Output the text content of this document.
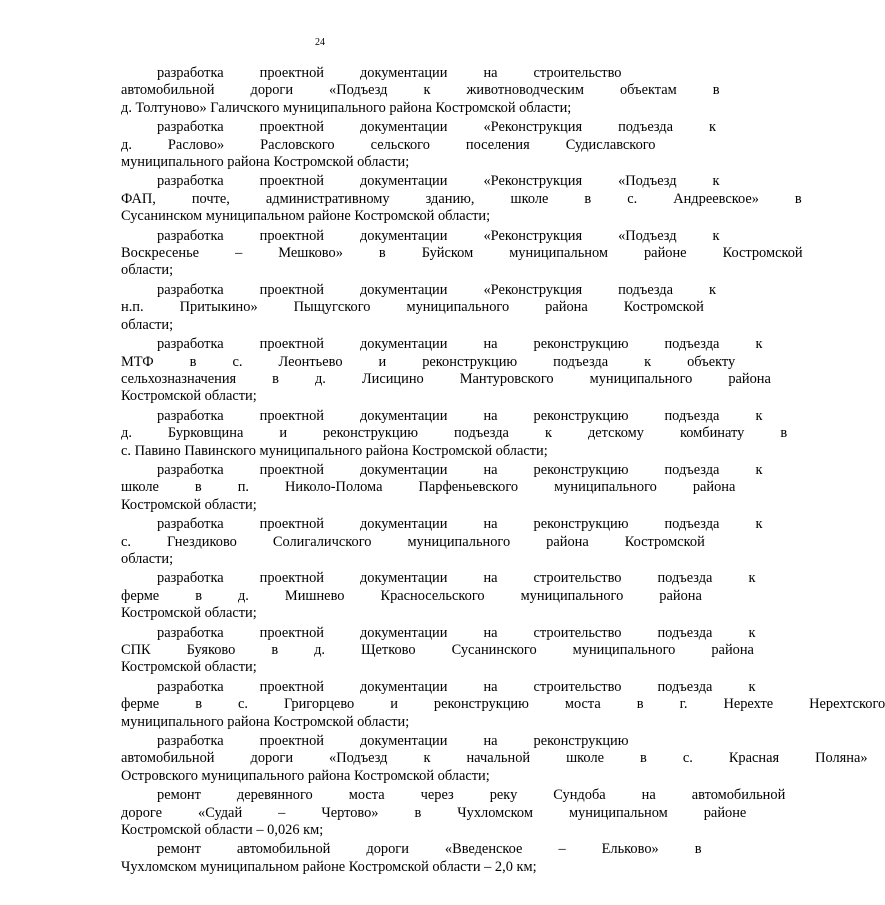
24
разработка	проектной	документации	на	строительство
автомобильной	дороги	«Подъезд	к	животноводческим	объектам	в
д. Толтуново» Галичского муниципального района Костромской области;
разработка	проектной	документации	«Реконструкция	подъезда	к
д.	Раслово»	Расловского	сельского	поселения	Судиславского
муниципального района Костромской области;
разработка	проектной	документации	«Реконструкция	«Подъезд	к
ФАП,	почте,	административному	зданию,	школе	в	с.	Андреевское»	в
Сусанинском муниципальном районе Костромской области;
разработка	проектной	документации	«Реконструкция	«Подъезд	к
Воскресенье	–	Мешково»	в	Буйском	муниципальном	районе	Костромской
области;
разработка	проектной	документации	«Реконструкция	подъезда	к
н.п.	Притыкино»	Пыщугского	муниципального	района	Костромской
области;
разработка	проектной	документации	на	реконструкцию	подъезда	к
МТФ	в	с.	Леонтьево	и	реконструкцию	подъезда	к	объекту
сельхозназначения	в	д.	Лисицино	Мантуровского	муниципального	района
Костромской области;
разработка	проектной	документации	на	реконструкцию	подъезда	к
д.	Бурковщина	и	реконструкцию	подъезда	к	детскому	комбинату	в
с. Павино Павинского муниципального района Костромской области;
разработка	проектной	документации	на	реконструкцию	подъезда	к
школе	в	п.	Николо-Полома	Парфеньевского	муниципального	района
Костромской области;
разработка	проектной	документации	на	реконструкцию	подъезда	к
с.	Гнездиково	Солигаличского	муниципального	района	Костромской
области;
разработка	проектной	документации	на	строительство	подъезда	к
ферме	в	д.	Мишнево	Красносельского	муниципального	района
Костромской области;
разработка	проектной	документации	на	строительство	подъезда	к
СПК	Буяково	в	д.	Щетково	Сусанинского	муниципального	района
Костромской области;
разработка	проектной	документации	на	строительство	подъезда	к
ферме	в	с.	Григорцево	и	реконструкцию	моста	в	г.	Нерехте	Нерехтского
муниципального района Костромской области;
разработка	проектной	документации	на	реконструкцию
автомобильной	дороги	«Подъезд	к	начальной	школе	в	с.	Красная	Поляна»
Островского муниципального района Костромской области;
ремонт	деревянного	моста	через	реку	Сундоба	на	автомобильной
дороге	«Судай	–	Чертово»	в	Чухломском	муниципальном	районе
Костромской области – 0,026 км;
ремонт	автомобильной	дороги	«Введенское	–	Ельково»	в
Чухломском муниципальном районе Костромской области – 2,0 км;
